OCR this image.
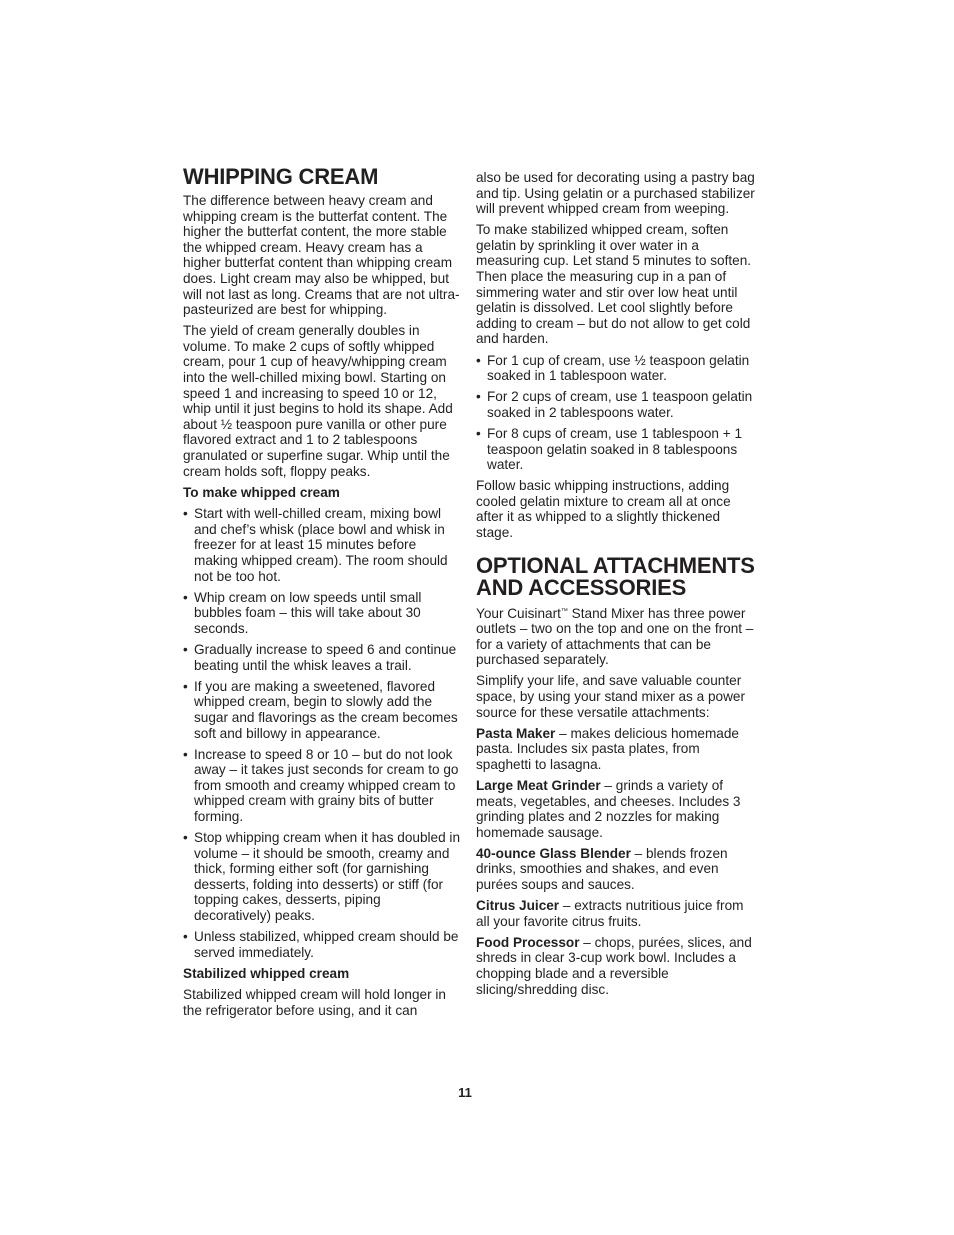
WHIPPING CREAM

The difference between heavy cream and whipping cream is the butterfat content. The higher the butterfat content, the more stable the whipped cream. Heavy cream has a higher butterfat content than whipping cream does. Light cream may also be whipped, but will not last as long. Creams that are not ultra-pasteurized are best for whipping.

The yield of cream generally doubles in volume. To make 2 cups of softly whipped cream, pour 1 cup of heavy/whipping cream into the well-chilled mixing bowl. Starting on speed 1 and increasing to speed 10 or 12, whip until it just begins to hold its shape. Add about ½ teaspoon pure vanilla or other pure flavored extract and 1 to 2 tablespoons granulated or superfine sugar. Whip until the cream holds soft, floppy peaks.

To make whipped cream

• Start with well-chilled cream, mixing bowl and chef’s whisk (place bowl and whisk in freezer for at least 15 minutes before making whipped cream). The room should not be too hot.
• Whip cream on low speeds until small bubbles foam – this will take about 30 seconds.
• Gradually increase to speed 6 and continue beating until the whisk leaves a trail.
• If you are making a sweetened, flavored whipped cream, begin to slowly add the sugar and flavorings as the cream becomes soft and billowy in appearance.
• Increase to speed 8 or 10 – but do not look away – it takes just seconds for cream to go from smooth and creamy whipped cream to whipped cream with grainy bits of butter forming.
• Stop whipping cream when it has doubled in volume – it should be smooth, creamy and thick, forming either soft (for garnishing desserts, folding into desserts) or stiff (for topping cakes, desserts, piping decoratively) peaks.
• Unless stabilized, whipped cream should be served immediately.

Stabilized whipped cream

Stabilized whipped cream will hold longer in the refrigerator before using, and it can

also be used for decorating using a pastry bag and tip. Using gelatin or a purchased stabilizer will prevent whipped cream from weeping.

To make stabilized whipped cream, soften gelatin by sprinkling it over water in a measuring cup. Let stand 5 minutes to soften. Then place the measuring cup in a pan of simmering water and stir over low heat until gelatin is dissolved. Let cool slightly before adding to cream – but do not allow to get cold and harden.

• For 1 cup of cream, use ½ teaspoon gelatin soaked in 1 tablespoon water.
• For 2 cups of cream, use 1 teaspoon gelatin soaked in 2 tablespoons water.
• For 8 cups of cream, use 1 tablespoon + 1 teaspoon gelatin soaked in 8 tablespoons water.

Follow basic whipping instructions, adding cooled gelatin mixture to cream all at once after it as whipped to a slightly thickened stage.

OPTIONAL ATTACHMENTS
AND ACCESSORIES

Your Cuisinart™ Stand Mixer has three power outlets – two on the top and one on the front – for a variety of attachments that can be purchased separately.

Simplify your life, and save valuable counter space, by using your stand mixer as a power source for these versatile attachments:

Pasta Maker – makes delicious homemade pasta. Includes six pasta plates, from spaghetti to lasagna.

Large Meat Grinder – grinds a variety of meats, vegetables, and cheeses. Includes 3 grinding plates and 2 nozzles for making homemade sausage.

40-ounce Glass Blender – blends frozen drinks, smoothies and shakes, and even purées soups and sauces.

Citrus Juicer – extracts nutritious juice from all your favorite citrus fruits.

Food Processor – chops, purées, slices, and shreds in clear 3-cup work bowl. Includes a chopping blade and a reversible slicing/shredding disc.

11
